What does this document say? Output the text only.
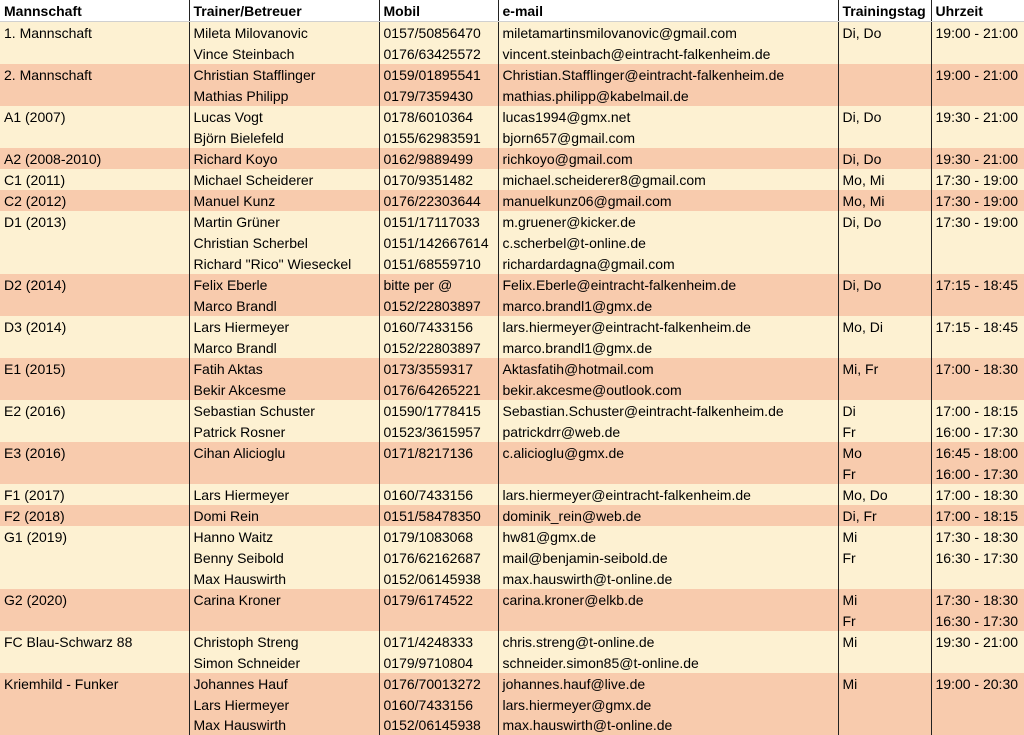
Mannschaft	Trainer/Betreuer	Mobil	e-mail	Trainingstag	Uhrzeit
1. Mannschaft	Mileta Milovanovic	0157/50856470	miletamartinsmilovanovic@gmail.com	Di, Do	19:00 - 21:00
	Vince Steinbach	0176/63425572	vincent.steinbach@eintracht-falkenheim.de		
2. Mannschaft	Christian Stafflinger	0159/01895541	Christian.Stafflinger@eintracht-falkenheim.de		19:00 - 21:00
	Mathias Philipp	0179/7359430	mathias.philipp@kabelmail.de		
A1 (2007)	Lucas Vogt	0178/6010364	lucas1994@gmx.net	Di, Do	19:30 - 21:00
	Björn Bielefeld	0155/62983591	bjorn657@gmail.com		
A2 (2008-2010)	Richard Koyo	0162/9889499	richkoyo@gmail.com	Di, Do	19:30 - 21:00
C1 (2011)	Michael Scheiderer	0170/9351482	michael.scheiderer8@gmail.com	Mo, Mi	17:30 - 19:00
C2 (2012)	Manuel Kunz	0176/22303644	manuelkunz06@gmail.com	Mo, Mi	17:30 - 19:00
D1 (2013)	Martin Grüner	0151/17117033	m.gruener@kicker.de	Di, Do	17:30 - 19:00
	Christian Scherbel	0151/142667614	c.scherbel@t-online.de		
	Richard "Rico" Wieseckel	0151/68559710	richardardagna@gmail.com		
D2 (2014)	Felix Eberle	bitte per @	Felix.Eberle@eintracht-falkenheim.de	Di, Do	17:15 - 18:45
	Marco Brandl	0152/22803897	marco.brandl1@gmx.de		
D3 (2014)	Lars Hiermeyer	0160/7433156	lars.hiermeyer@eintracht-falkenheim.de	Mo, Di	17:15 - 18:45
	Marco Brandl	0152/22803897	marco.brandl1@gmx.de		
E1 (2015)	Fatih Aktas	0173/3559317	Aktasfatih@hotmail.com	Mi, Fr	17:00 - 18:30
	Bekir Akcesme	0176/64265221	bekir.akcesme@outlook.com		
E2 (2016)	Sebastian Schuster	01590/1778415	Sebastian.Schuster@eintracht-falkenheim.de	Di	17:00 - 18:15
	Patrick Rosner	01523/3615957	patrickdrr@web.de	Fr	16:00 - 17:30
E3 (2016)	Cihan Alicioglu	0171/8217136	c.alicioglu@gmx.de	Mo	16:45 - 18:00
				Fr	16:00 - 17:30
F1 (2017)	Lars Hiermeyer	0160/7433156	lars.hiermeyer@eintracht-falkenheim.de	Mo, Do	17:00 - 18:30
F2 (2018)	Domi Rein	0151/58478350	dominik_rein@web.de	Di, Fr	17:00 - 18:15
G1 (2019)	Hanno Waitz	0179/1083068	hw81@gmx.de	Mi	17:30 - 18:30
	Benny Seibold	0176/62162687	mail@benjamin-seibold.de	Fr	16:30 - 17:30
	Max Hauswirth	0152/06145938	max.hauswirth@t-online.de		
G2 (2020)	Carina Kroner	0179/6174522	carina.kroner@elkb.de	Mi	17:30 - 18:30
				Fr	16:30 - 17:30
FC Blau-Schwarz 88	Christoph Streng	0171/4248333	chris.streng@t-online.de	Mi	19:30 - 21:00
	Simon Schneider	0179/9710804	schneider.simon85@t-online.de		
Kriemhild - Funker	Johannes Hauf	0176/70013272	johannes.hauf@live.de	Mi	19:00 - 20:30
	Lars Hiermeyer	0160/7433156	lars.hiermeyer@gmx.de		
	Max Hauswirth	0152/06145938	max.hauswirth@t-online.de		
